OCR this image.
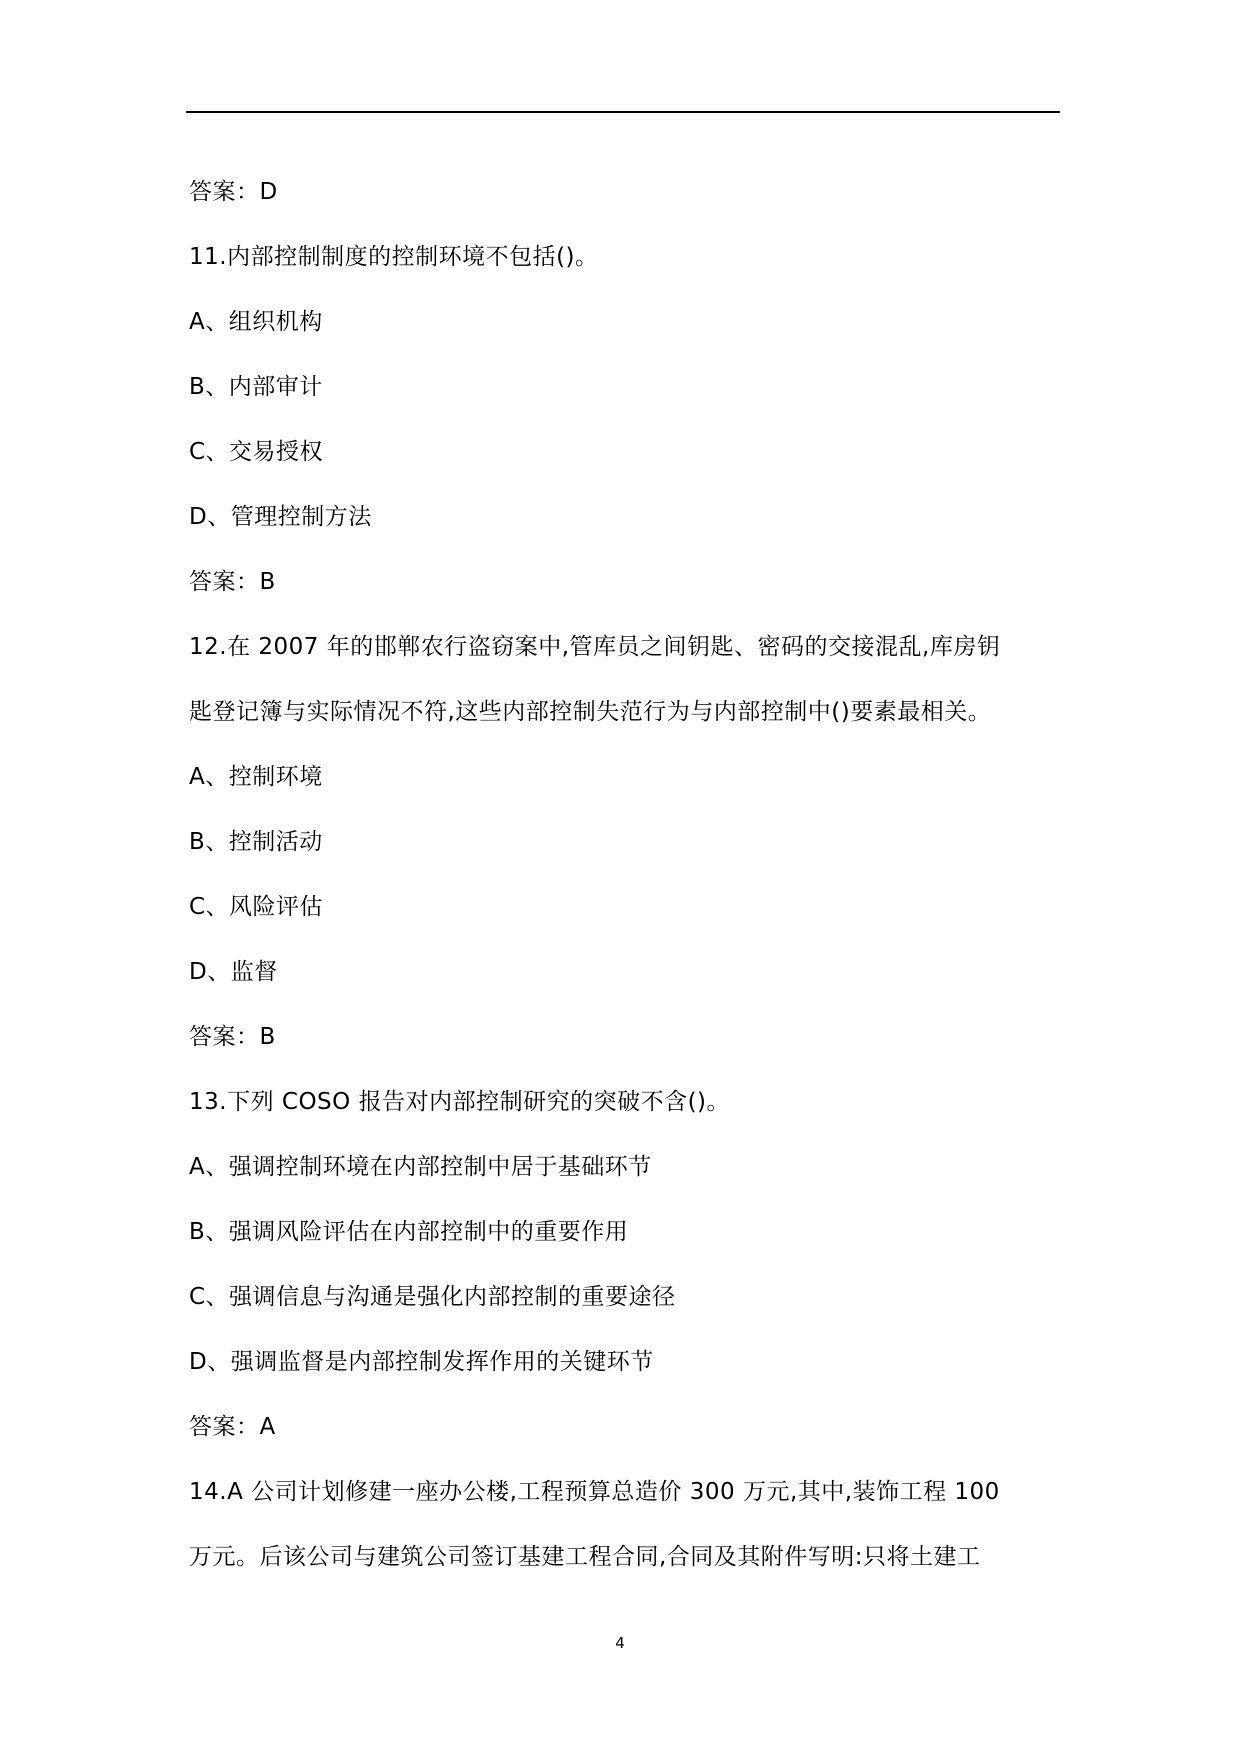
答案：D
11.内部控制制度的控制环境不包括()。
A、组织机构
B、内部审计
C、交易授权
D、管理控制方法
答案：B
12.在 2007 年的邯郸农行盗窃案中,管库员之间钥匙、密码的交接混乱,库房钥
匙登记簿与实际情况不符,这些内部控制失范行为与内部控制中()要素最相关。
A、控制环境
B、控制活动
C、风险评估
D、监督
答案：B
13.下列 COSO 报告对内部控制研究的突破不含()。
A、强调控制环境在内部控制中居于基础环节
B、强调风险评估在内部控制中的重要作用
C、强调信息与沟通是强化内部控制的重要途径
D、强调监督是内部控制发挥作用的关键环节
答案：A
14.A 公司计划修建一座办公楼,工程预算总造价 300 万元,其中,装饰工程 100
万元。后该公司与建筑公司签订基建工程合同,合同及其附件写明:只将土建工
4
